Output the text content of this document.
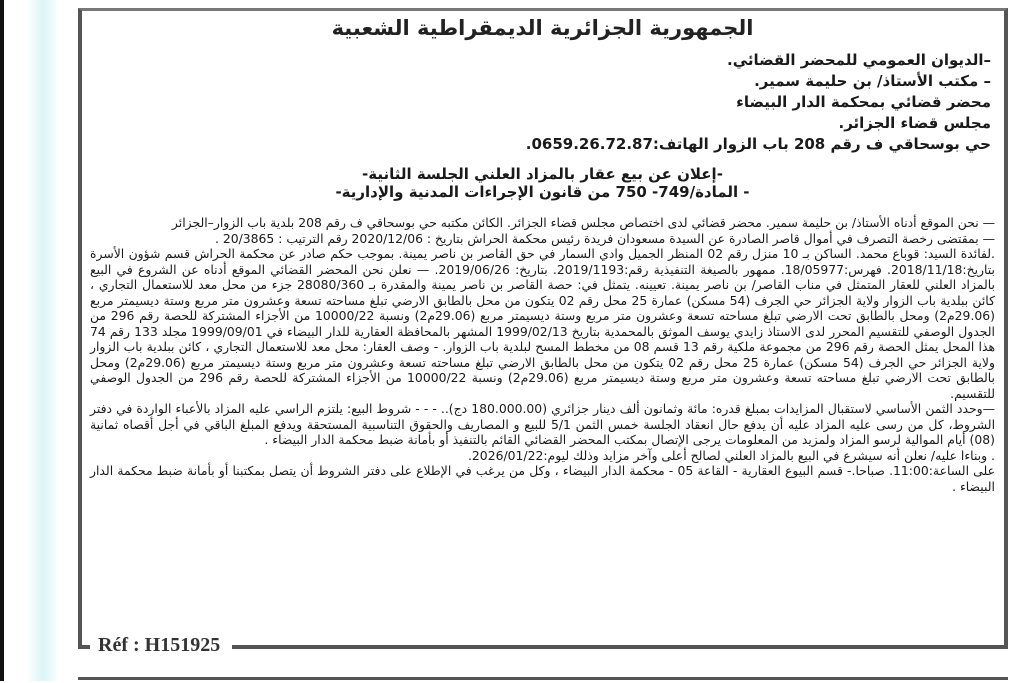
Réf : H151925
الجمهورية الجزائرية الديمقراطية الشعبية
–الديوان العمومي للمحضر القضائي.
– مكتب الأستاذ/ بن حليمة سمير.
محضر قضائي بمحكمة الدار البيضاء
مجلس قضاء الجزائر.
حي بوسحاقي ف رقم 208 باب الزوار الهاتف:0659.26.72.87.
-إعلان عن بيع عقار بالمزاد العلني الجلسة الثانية-
- المادة/749- 750 من قانون الإجراءات المدنية والإدارية-

— نحن الموقع أدناه الأستاذ/ بن حليمة سمير. محضر قضائي لدى اختصاص مجلس قضاء الجزائر. الكائن مكتبه حي بوسحاقي ف رقم 208 بلدية باب الزوار–الجزائر

— بمقتضى رخصة التصرف في أموال قاصر الصادرة عن السيدة مسعودان فريدة رئيس محكمة الحراش بتاريخ : 2020/12/06 رقم الترتيب : 20/3865 .

.لفائدة السيد: قوباع محمد. الساكن بـ 10 منزل رقم 02 المنظر الجميل وادي السمار في حق القاصر بن ناصر يمينة. بموجب حكم صادر عن محكمة الحراش قسم شؤون الأسرة بتاريخ:2018/11/18. فهرس:18/05977. ممهور بالصيغة التنفيذية رقم:2019/1193. بتاريخ: 2019/06/26. — نعلن نحن المحضر القضائي الموقع أدناه عن الشروع في البيع بالمزاد العلني للعقار المتمثل في مناب القاصر/ بن ناصر يمينة. تعيينه. يتمثل في: حصة القاصر بن ناصر يمينة والمقدرة بـ 28080/360 جزء من محل معد للاستعمال التجاري ، كائن ببلدية باب الزوار ولاية الجزائر حي الجرف (54 مسكن) عمارة 25 محل رقم 02 يتكون من محل بالطابق الارضي تبلغ مساحته تسعة وعشرون متر مربع وستة ديسيمتر مربع (29.06م2) ومحل بالطابق تحت الارضي تبلغ مساحته تسعة وعشرون متر مربع وستة ديسيمتر مربع (29.06م2) ونسبة 10000/22 من الأجزاء المشتركة للحصة رقم 296 من الجدول الوصفي للتقسيم المحرر لدى الاستاذ زايدي يوسف الموثق بالمحمدية بتاريخ 1999/02/13 المشهر بالمحافظة العقارية للدار البيضاء في 1999/09/01 مجلد 133 رقم 74 هذا المحل يمثل الحصة رقم 296 من مجموعة ملكية رقم 13 قسم 08 من مخطط المسح لبلدية باب الزوار. - وصف العقار: محل معد للاستعمال التجاري ، كائن ببلدية باب الزوار ولاية الجزائر حي الجرف (54 مسكن) عمارة 25 محل رقم 02 يتكون من محل بالطابق الارضي تبلغ مساحته تسعة وعشرون متر مربع وستة ديسيمتر مربع (29.06م2) ومحل بالطابق تحت الارضي تبلغ مساحته تسعة وعشرون متر مربع وستة ديسيمتر مربع (29.06م2) ونسبة 10000/22 من الأجزاء المشتركة للحصة رقم 296 من الجدول الوصفي للتقسيم.

—وحدد الثمن الأساسي لاستقبال المزايدات بمبلغ قدره: مائة وثمانون ألف دينار جزائري (180.000.00 دج).. - - - شروط البيع: يلتزم الراسي عليه المزاد بالأعباء الواردة في دفتر الشروط، كل من رسى عليه المزاد عليه أن يدفع حال انعقاد الجلسة خمس الثمن 5/1 للبيع و المصاريف والحقوق التناسبية المستحقة ويدفع المبلغ الباقي في أجل أقصاه ثمانية (08) أيام الموالية لرسو المزاد ولمزيد من المعلومات يرجى الإتصال بمكتب المحضر القضائي القائم بالتنفيذ أو بأمانة ضبط محكمة الدار البيضاء .

. وبناءا عليه/ نعلن أنه سيشرع في البيع بالمزاد العلني لصالح أعلى وآخر مزايد وذلك ليوم:2026/01/22.

على الساعة:11:00. صباحا.- قسم البيوع العقارية - القاعة 05 - محكمة الدار البيضاء ، وكل من يرغب في الإطلاع على دفتر الشروط أن يتصل بمكتبنا أو بأمانة ضبط محكمة الدار البيضاء .
